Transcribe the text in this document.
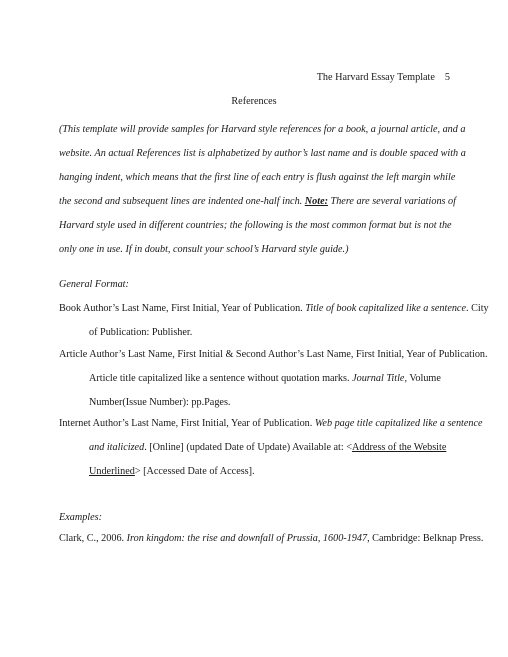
The Harvard Essay Template 5
References
(This template will provide samples for Harvard style references for a book, a journal article, and a website. An actual References list is alphabetized by author’s last name and is double spaced with a hanging indent, which means that the first line of each entry is flush against the left margin while the second and subsequent lines are indented one-half inch. Note: There are several variations of Harvard style used in different countries; the following is the most common format but is not the only one in use. If in doubt, consult your school’s Harvard style guide.)
General Format:
Book Author’s Last Name, First Initial, Year of Publication. Title of book capitalized like a sentence. City of Publication: Publisher.
Article Author’s Last Name, First Initial & Second Author’s Last Name, First Initial, Year of Publication. Article title capitalized like a sentence without quotation marks. Journal Title, Volume Number(Issue Number): pp.Pages.
Internet Author’s Last Name, First Initial, Year of Publication. Web page title capitalized like a sentence and italicized. [Online] (updated Date of Update) Available at: <Address of the Website Underlined> [Accessed Date of Access].
Examples:
Clark, C., 2006. Iron kingdom: the rise and downfall of Prussia, 1600-1947, Cambridge: Belknap Press.
